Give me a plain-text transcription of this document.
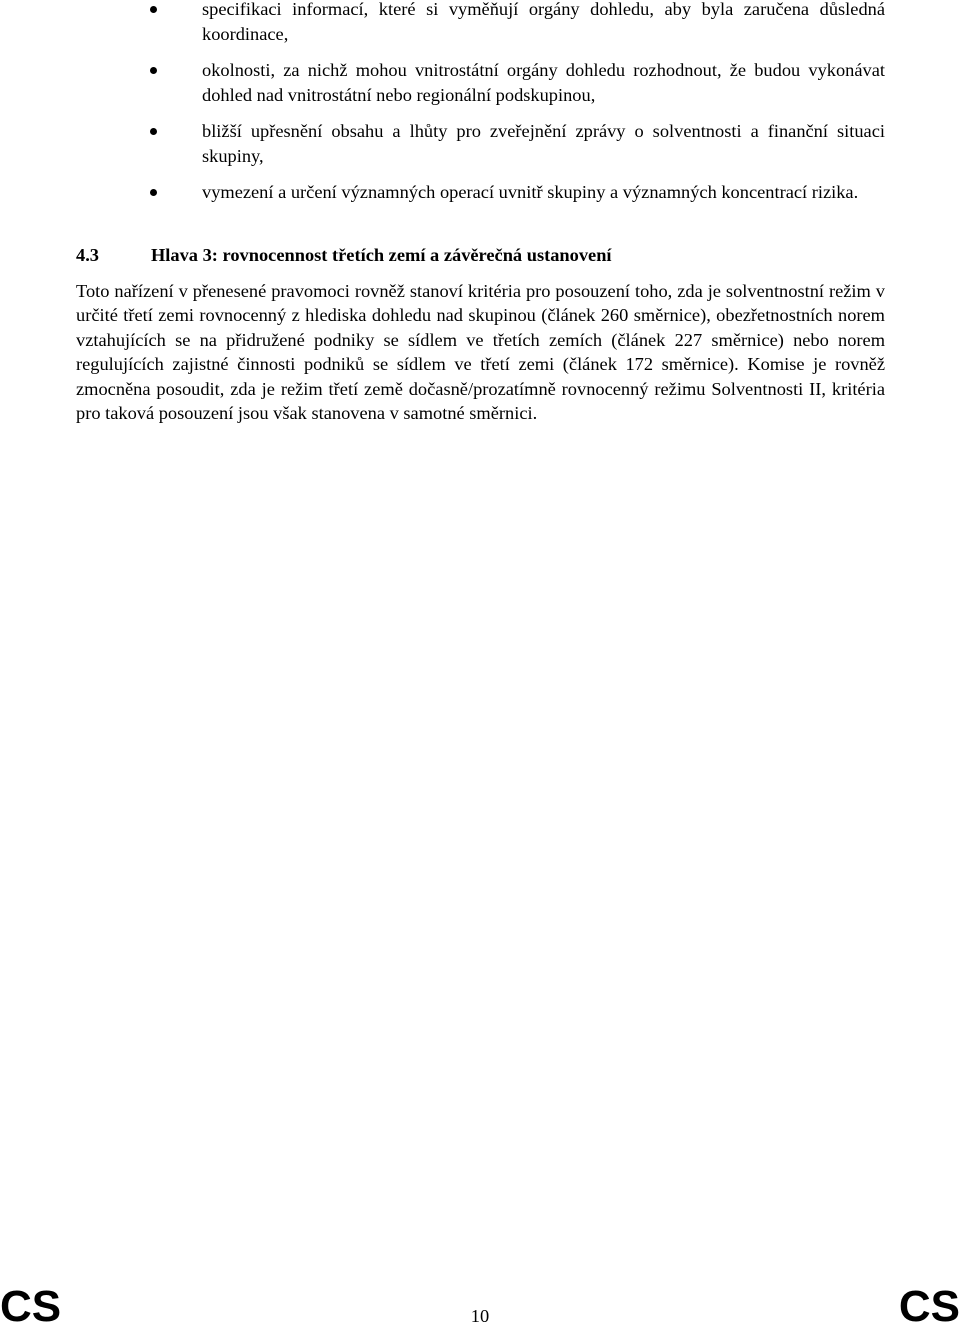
specifikaci informací, které si vyměňují orgány dohledu, aby byla zaručena důsledná koordinace,
okolnosti, za nichž mohou vnitrostátní orgány dohledu rozhodnout, že budou vykonávat dohled nad vnitrostátní nebo regionální podskupinou,
bližší upřesnění obsahu a lhůty pro zveřejnění zprávy o solventnosti a finanční situaci skupiny,
vymezení a určení významných operací uvnitř skupiny a významných koncentrací rizika.
4.3	Hlava 3: rovnocennost třetích zemí a závěrečná ustanovení

Toto nařízení v přenesené pravomoci rovněž stanoví kritéria pro posouzení toho, zda je solventnostní režim v určité třetí zemi rovnocenný z hlediska dohledu nad skupinou (článek 260 směrnice), obezřetnostních norem vztahujících se na přidružené podniky se sídlem ve třetích zemích (článek 227 směrnice) nebo norem regulujících zajistné činnosti podniků se sídlem ve třetí zemi (článek 172 směrnice). Komise je rovněž zmocněna posoudit, zda je režim třetí země dočasně/prozatímně rovnocenný režimu Solventnosti II, kritéria pro taková posouzení jsou však stanovena v samotné směrnici.

CS	10	CS
